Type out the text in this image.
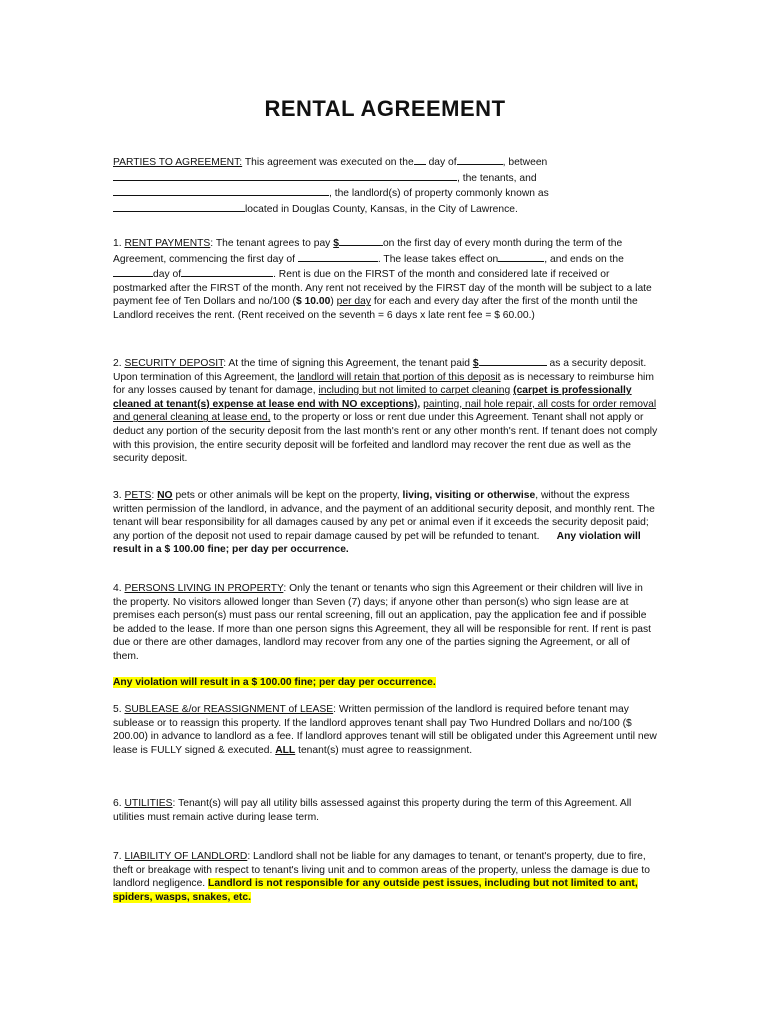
RENTAL AGREEMENT

PARTIES TO AGREEMENT: This agreement was executed on the day of	, between
, the tenants, and
, the landlord(s) of property commonly known as
located in Douglas County, Kansas, in the City of Lawrence.

1. RENT PAYMENTS: The tenant agrees to pay $	on the first day of every month during the term of the Agreement, commencing the first day of	. The lease takes effect on	, and ends on theday of	. Rent is due on the FIRST of the month and considered late if received or postmarked after the FIRST of the month. Any rent not received by the FIRST day of the month will be subject to a late payment fee of Ten Dollars and no/100 ($ 10.00) per day for each and every day after the first of the month until the Landlord receives the rent. (Rent received on the seventh = 6 days x late rent fee = $ 60.00.)

2. SECURITY DEPOSIT: At the time of signing this Agreement, the tenant paid $	as a security deposit. Upon termination of this Agreement, the landlord will retain that portion of this deposit as is necessary to reimburse him for any losses caused by tenant for damage, including but not limited to carpet cleaning (carpet is professionally cleaned at tenant(s) expense at lease end with NO exceptions), painting, nail hole repair, all costs for order removal and general cleaning at lease end, to the property or loss or rent due under this Agreement. Tenant shall not apply or deduct any portion of the security deposit from the last month's rent or any other month's rent. If tenant does not comply with this provision, the entire security deposit will be forfeited and landlord may recover the rent due as well as the security deposit.

3. PETS: NO pets or other animals will be kept on the property, living, visiting or otherwise, without the express written permission of the landlord, in advance, and the payment of an additional security deposit, and monthly rent. The tenant will bear responsibility for all damages caused by any pet or animal even if it exceeds the security deposit paid; any portion of the deposit not used to repair damage caused by pet will be refunded to tenant. Any violation will result in a $ 100.00 fine; per day per occurrence.

4. PERSONS LIVING IN PROPERTY: Only the tenant or tenants who sign this Agreement or their children will live in the property. No visitors allowed longer than Seven (7) days; if anyone other than person(s) who sign lease are at premises each person(s) must pass our rental screening, fill out an application, pay the application fee and if possible be added to the lease. If more than one person signs this Agreement, they all will be responsible for rent. If rent is past due or there are other damages, landlord may recover from any one of the parties signing the Agreement, or all of them.

Any violation will result in a $ 100.00 fine; per day per occurrence.

5. SUBLEASE &/or REASSIGNMENT of LEASE: Written permission of the landlord is required before tenant may sublease or to reassign this property. If the landlord approves tenant shall pay Two Hundred Dollars and no/100 ($ 200.00) in advance to landlord as a fee. If landlord approves tenant will still be obligated under this Agreement until new lease is FULLY signed & executed. ALL tenant(s) must agree to reassignment.

6. UTILITIES: Tenant(s) will pay all utility bills assessed against this property during the term of this Agreement. All utilities must remain active during lease term.

7. LIABILITY OF LANDLORD: Landlord shall not be liable for any damages to tenant, or tenant's property, due to fire, theft or breakage with respect to tenant's living unit and to common areas of the property, unless the damage is due to landlord negligence. Landlord is not responsible for any outside pest issues, including but not limited to ant, spiders, wasps, snakes, etc.
